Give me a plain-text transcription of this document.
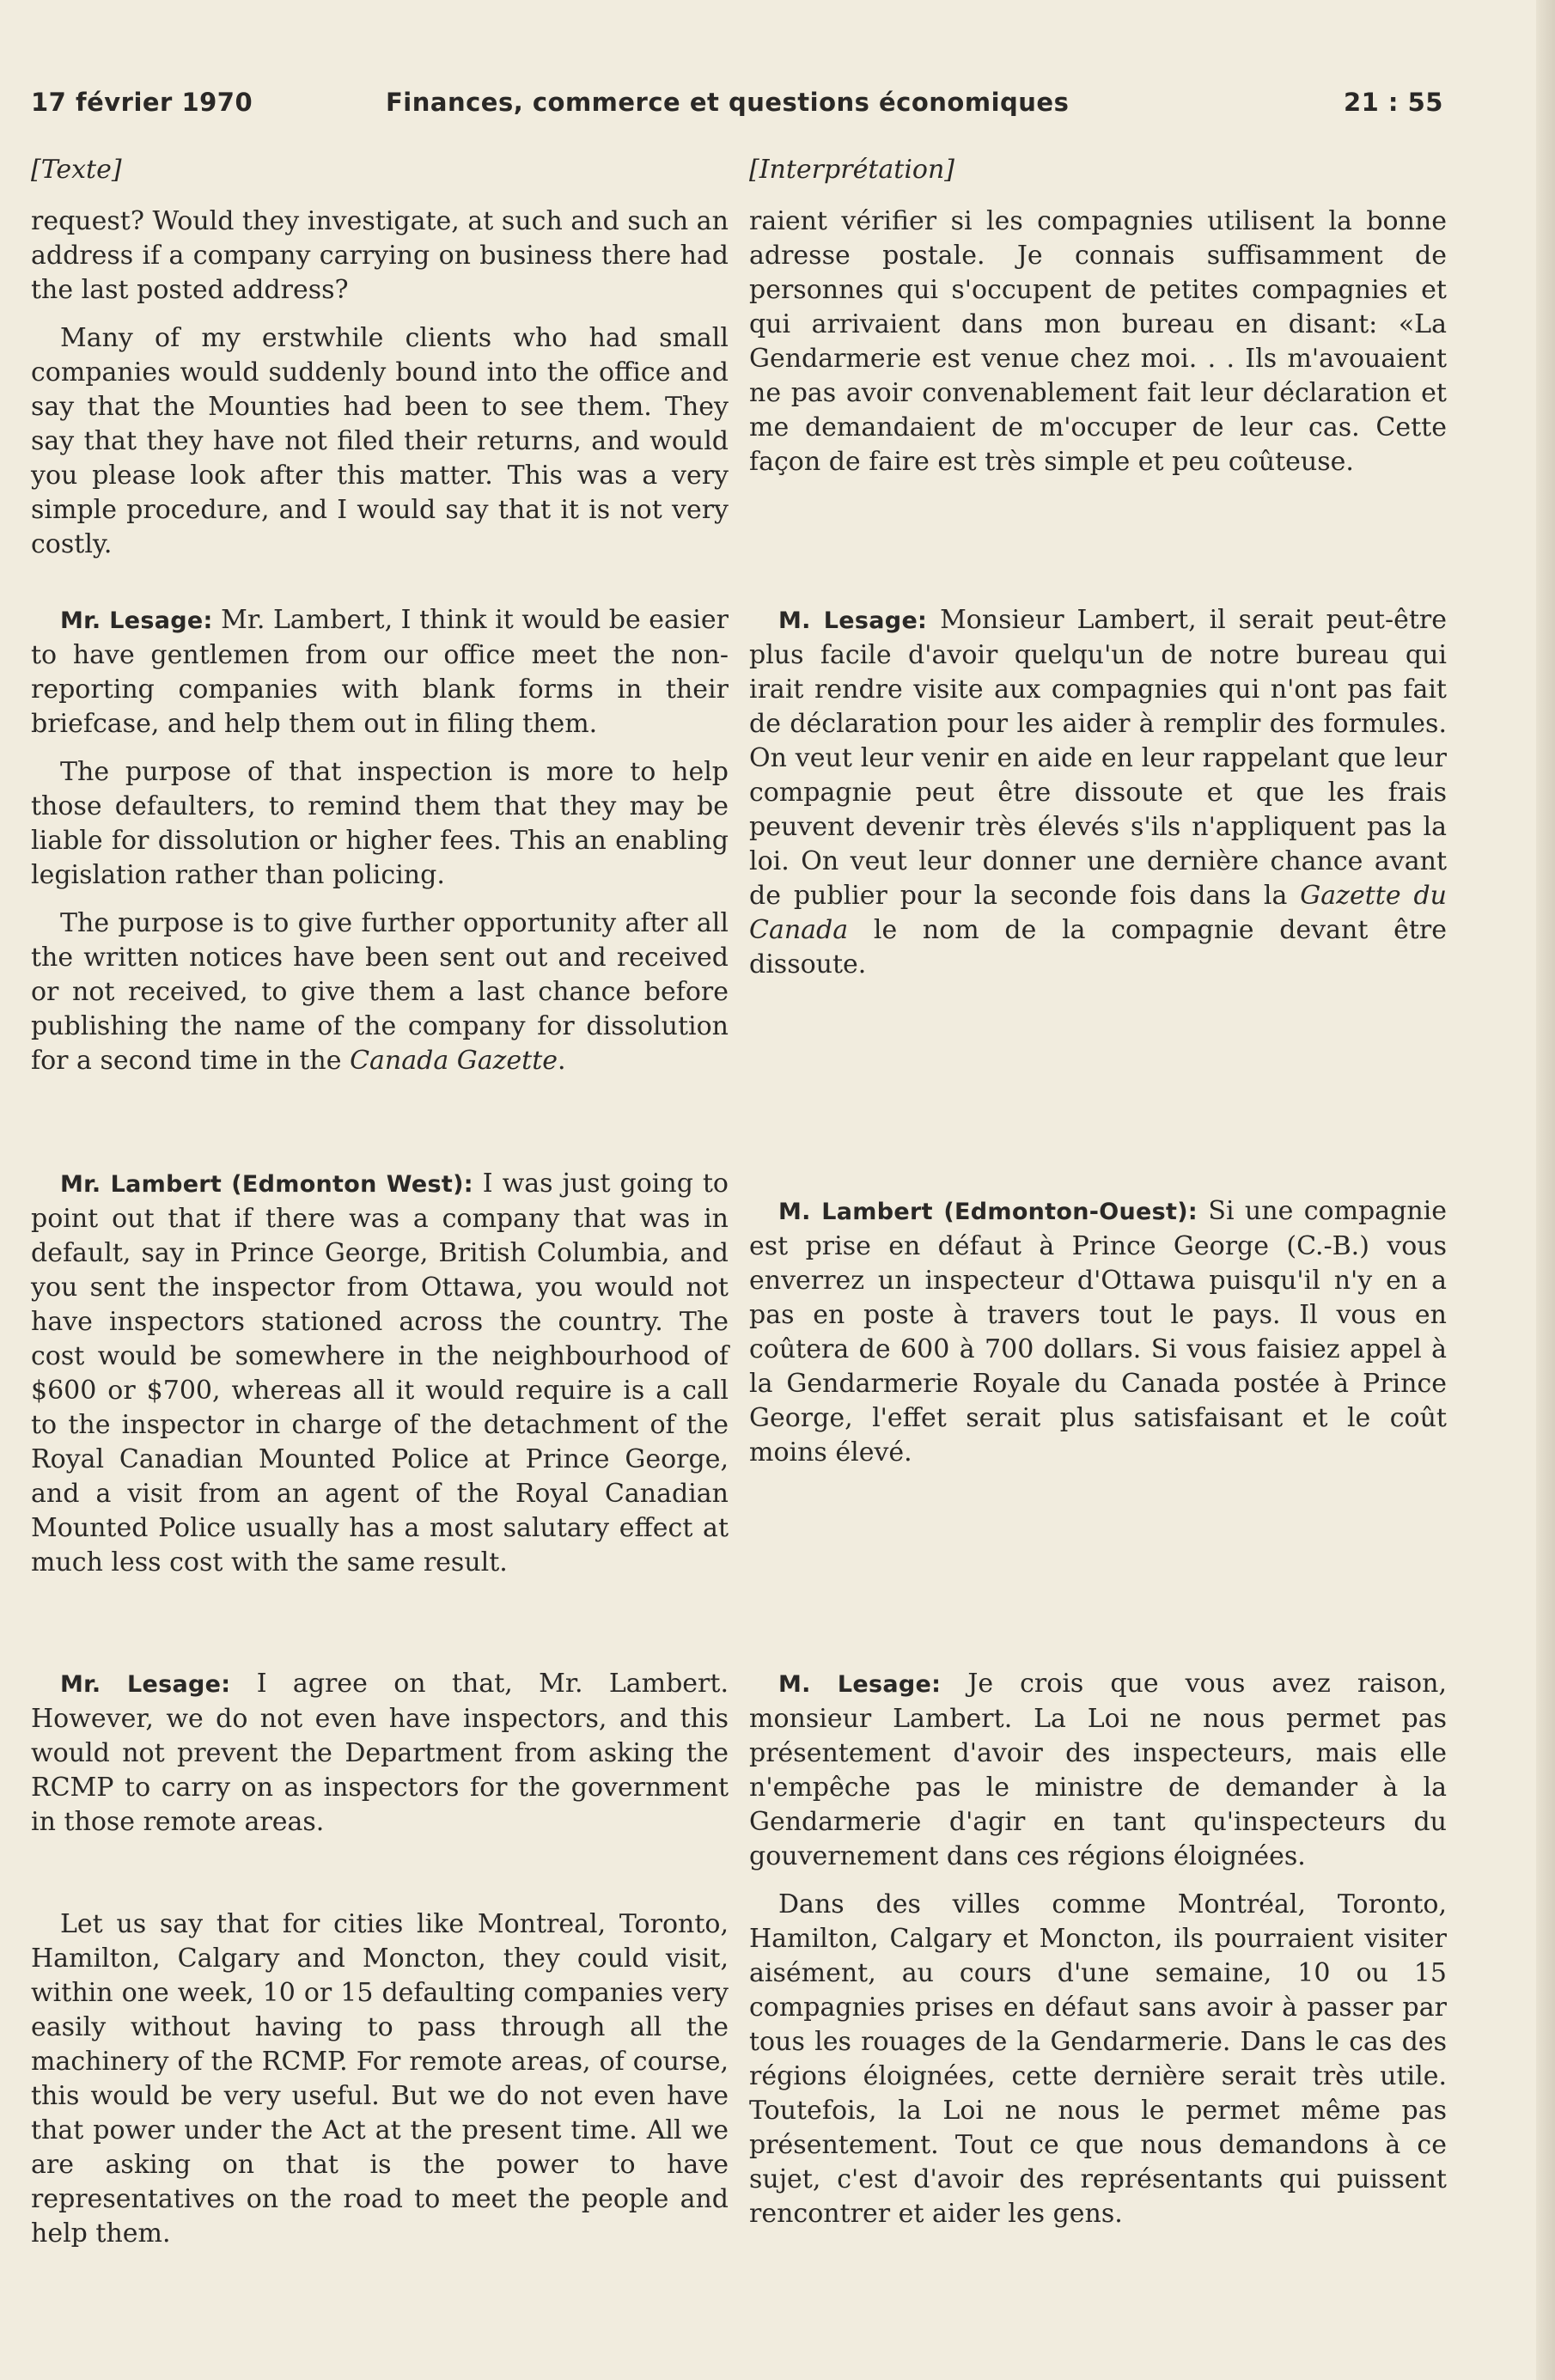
17 février 1970	Finances, commerce et questions économiques	21 : 55
[Texte]

request? Would they investigate, at such and such an address if a company carrying on business there had the last posted address?

Many of my erstwhile clients who had small companies would suddenly bound into the office and say that the Mounties had been to see them. They say that they have not filed their returns, and would you please look after this matter. This was a very simple procedure, and I would say that it is not very costly.

Mr. Lesage: Mr. Lambert, I think it would be easier to have gentlemen from our office meet the non-reporting companies with blank forms in their briefcase, and help them out in filing them.

The purpose of that inspection is more to help those defaulters, to remind them that they may be liable for dissolution or higher fees. This an enabling legislation rather than policing.

The purpose is to give further opportunity after all the written notices have been sent out and received or not received, to give them a last chance before publishing the name of the company for dissolution for a second time in the Canada Gazette.

Mr. Lambert (Edmonton West): I was just going to point out that if there was a company that was in default, say in Prince George, British Columbia, and you sent the inspector from Ottawa, you would not have inspectors stationed across the country. The cost would be somewhere in the neighbourhood of $600 or $700, whereas all it would require is a call to the inspector in charge of the detachment of the Royal Canadian Mounted Police at Prince George, and a visit from an agent of the Royal Canadian Mounted Police usually has a most salutary effect at much less cost with the same result.

Mr. Lesage: I agree on that, Mr. Lambert. However, we do not even have inspectors, and this would not prevent the Department from asking the RCMP to carry on as inspectors for the government in those remote areas.

Let us say that for cities like Montreal, Toronto, Hamilton, Calgary and Moncton, they could visit, within one week, 10 or 15 defaulting companies very easily without having to pass through all the machinery of the RCMP. For remote areas, of course, this would be very useful. But we do not even have that power under the Act at the present time. All we are asking on that is the power to have representatives on the road to meet the people and help them.

[Interprétation]

raient vérifier si les compagnies utilisent la bonne adresse postale. Je connais suffisamment de personnes qui s'occupent de petites compagnies et qui arrivaient dans mon bureau en disant: «La Gendarmerie est venue chez moi. . . Ils m'avouaient ne pas avoir convenablement fait leur déclaration et me demandaient de m'occuper de leur cas. Cette façon de faire est très simple et peu coûteuse.

M. Lesage: Monsieur Lambert, il serait peut-être plus facile d'avoir quelqu'un de notre bureau qui irait rendre visite aux compagnies qui n'ont pas fait de déclaration pour les aider à remplir des formules. On veut leur venir en aide en leur rappelant que leur compagnie peut être dissoute et que les frais peuvent devenir très élevés s'ils n'appliquent pas la loi. On veut leur donner une dernière chance avant de publier pour la seconde fois dans la Gazette du Canada le nom de la compagnie devant être dissoute.

M. Lambert (Edmonton-Ouest): Si une compagnie est prise en défaut à Prince George (C.-B.) vous enverrez un inspecteur d'Ottawa puisqu'il n'y en a pas en poste à travers tout le pays. Il vous en coûtera de 600 à 700 dollars. Si vous faisiez appel à la Gendarmerie Royale du Canada postée à Prince George, l'effet serait plus satisfaisant et le coût moins élevé.

M. Lesage: Je crois que vous avez raison, monsieur Lambert. La Loi ne nous permet pas présentement d'avoir des inspecteurs, mais elle n'empêche pas le ministre de demander à la Gendarmerie d'agir en tant qu'inspecteurs du gouvernement dans ces régions éloignées.

Dans des villes comme Montréal, Toronto, Hamilton, Calgary et Moncton, ils pourraient visiter aisément, au cours d'une semaine, 10 ou 15 compagnies prises en défaut sans avoir à passer par tous les rouages de la Gendarmerie. Dans le cas des régions éloignées, cette dernière serait très utile. Toutefois, la Loi ne nous le permet même pas présentement. Tout ce que nous demandons à ce sujet, c'est d'avoir des représentants qui puissent rencontrer et aider les gens.
